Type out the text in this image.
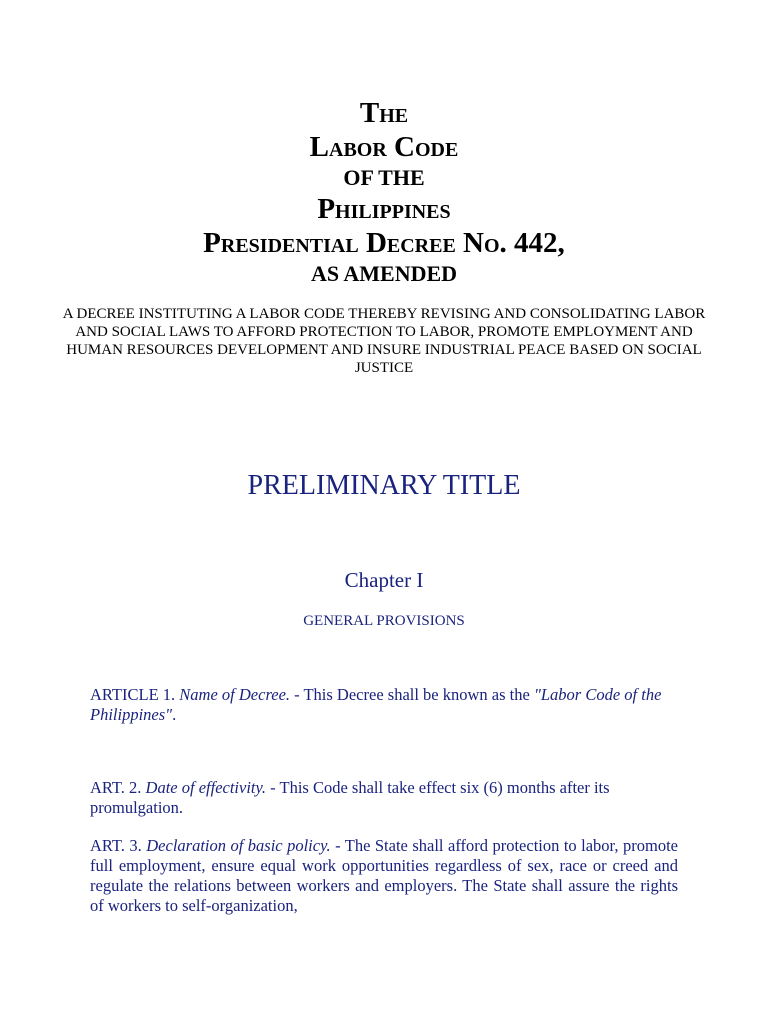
The
Labor Code
OF THE
Philippines
Presidential Decree No. 442,
AS AMENDED
A DECREE INSTITUTING A LABOR CODE THEREBY REVISING AND CONSOLIDATING LABOR AND SOCIAL LAWS TO AFFORD PROTECTION TO LABOR, PROMOTE EMPLOYMENT AND HUMAN RESOURCES DEVELOPMENT AND INSURE INDUSTRIAL PEACE BASED ON SOCIAL JUSTICE
PRELIMINARY TITLE
Chapter I
GENERAL PROVISIONS
ARTICLE 1. Name of Decree. - This Decree shall be known as the "Labor Code of the Philippines".
ART. 2. Date of effectivity. - This Code shall take effect six (6) months after its promulgation.
ART. 3. Declaration of basic policy. - The State shall afford protection to labor, promote full employment, ensure equal work opportunities regardless of sex, race or creed and regulate the relations between workers and employers. The State shall assure the rights of workers to self-organization,
